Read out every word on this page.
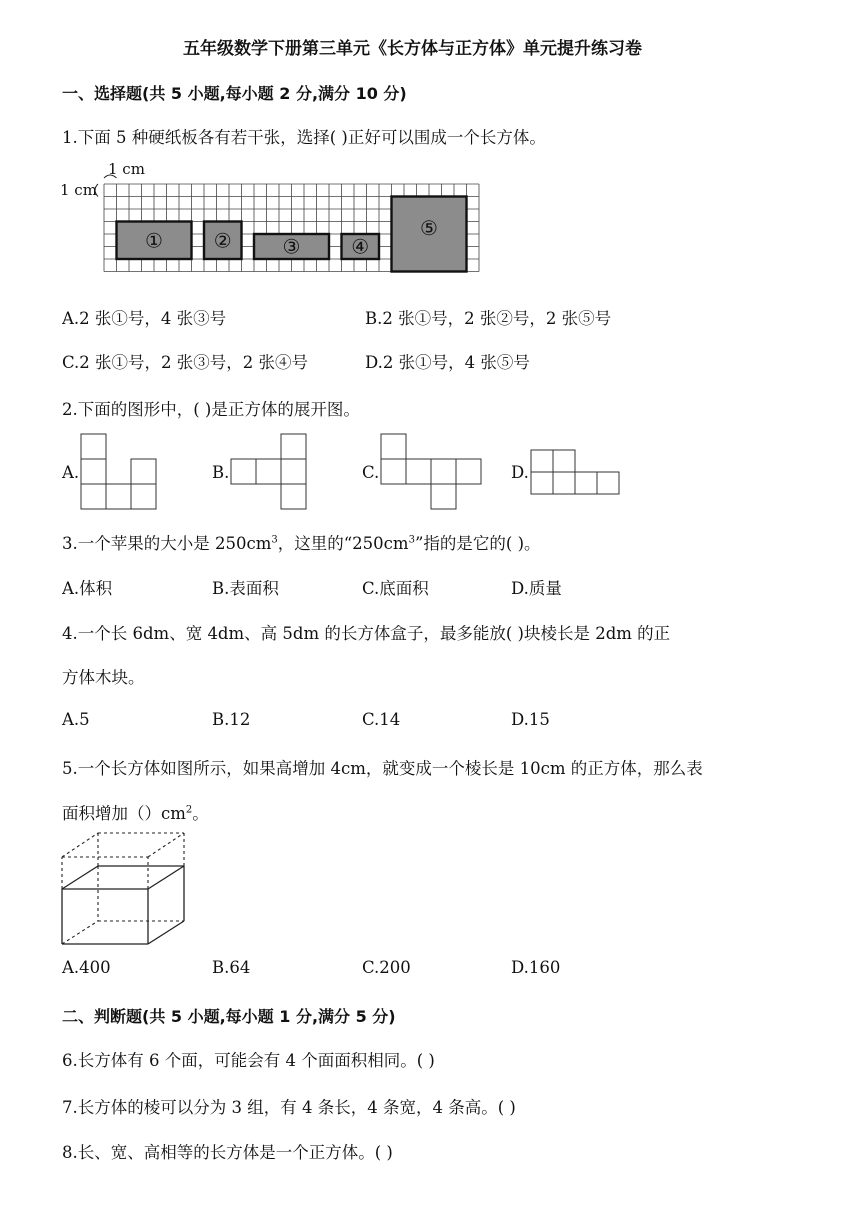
五年级数学下册第三单元《长方体与正方体》单元提升练习卷
一、选择题(共 5 小题,每小题 2 分,满分 10 分)
1.下面 5 种硬纸板各有若干张，选择( )正好可以围成一个长方体。
1 cm
1 cm
①	②	③	④
⑤
A.2 张①号，4 张③号	B.2 张①号，2 张②号，2 张⑤号
C.2 张①号，2 张③号，2 张④号	D.2 张①号，4 张⑤号
2.下面的图形中，( )是正方体的展开图。
A.	B.	C.	D.
3.一个苹果的大小是 $250cm^3$，这里的“$250cm^3$”指的是它的( )。
A.体积	B.表面积	C.底面积	D.质量
4.一个长 6dm、宽 4dm、高 5dm 的长方体盒子，最多能放( )块棱长是 2dm 的正
方体木块。
A.5	B.12	C.14	D.15
5.一个长方体如图所示，如果高增加 4cm，就变成一个棱长是 10cm 的正方体，那么表
面积增加$()cm^2$。
A.400	B.64	C.200	D.160
二、判断题(共 5 小题,每小题 1 分,满分 5 分)
6.长方体有 6 个面，可能会有 4 个面面积相同。( )
7.长方体的棱可以分为 3 组，有 4 条长，4 条宽，4 条高。( )
8.长、宽、高相等的长方体是一个正方体。( )
